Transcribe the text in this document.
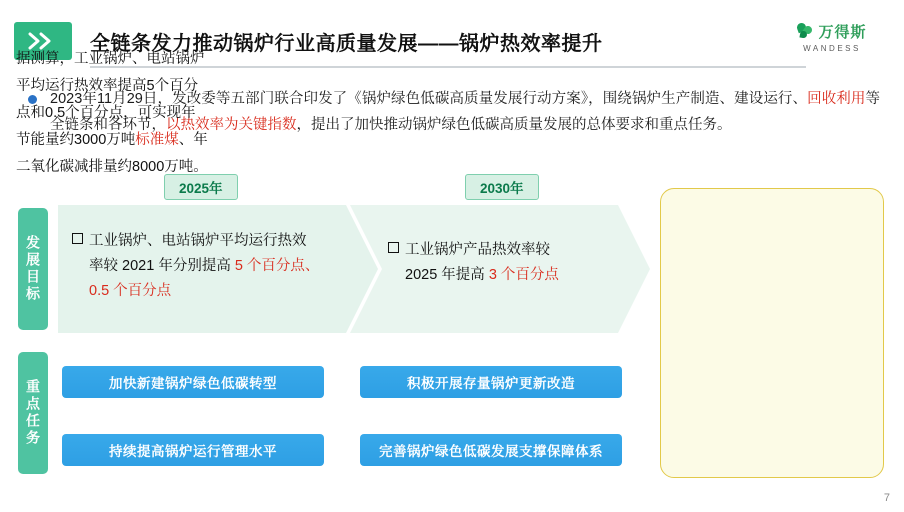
全链条发力推动锅炉行业高质量发展——锅炉热效率提升
万得斯
WANDESS
2023年11月29日，发改委等五部门联合印发了《锅炉绿色低碳高质量发展行动方案》，围绕锅炉生产制造、建设运行、回收利用等全链条和各环节，以热效率为关键指数，提出了加快推动锅炉绿色低碳高质量发展的总体要求和重点任务。
发展目标
重点任务
2025年	2030年
工业锅炉、电站锅炉平均运行热效
率较 2021 年分别提高 5 个百分点、
0.5 个百分点
工业锅炉产品热效率较
2025 年提高 3 个百分点
加快新建锅炉绿色低碳转型	积极开展存量锅炉更新改造
持续提高锅炉运行管理水平	完善锅炉绿色低碳发展支撑保障体系
据测算，工业锅炉、电站锅炉平均运行热效率提高5个百分点和0.5个百分点，可实现年节能量约3000万吨标准煤、年二氧化碳减排量约8000万吨。
7
